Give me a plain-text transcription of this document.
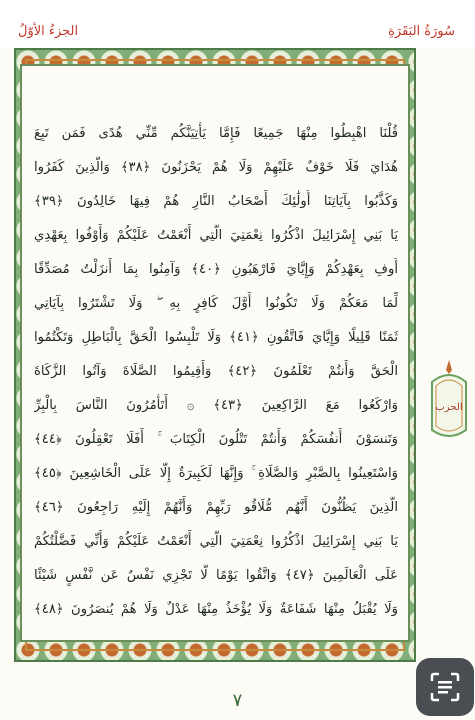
الجزءُ الأوّلُ	سُورَةُ البَقَرَةِ
قُلْنَا اهْبِطُوا مِنْهَا جَمِيعًا فَإِمَّا يَأْتِيَنَّكُم مِّنِّي هُدًى فَمَن تَبِعَ
هُدَايَ فَلَا خَوْفٌ عَلَيْهِمْ وَلَا هُمْ يَحْزَنُونَ ﴿٣٨﴾ وَالَّذِينَ كَفَرُوا
وَكَذَّبُوا بِآيَاتِنَا أُولَٰئِكَ أَصْحَابُ النَّارِ هُمْ فِيهَا خَالِدُونَ ﴿٣٩﴾
يَا بَنِي إِسْرَائِيلَ اذْكُرُوا نِعْمَتِيَ الَّتِي أَنْعَمْتُ عَلَيْكُمْ وَأَوْفُوا بِعَهْدِي
أُوفِ بِعَهْدِكُمْ وَإِيَّايَ فَارْهَبُونِ ﴿٤٠﴾ وَآمِنُوا بِمَا أَنزَلْتُ مُصَدِّقًا
لِّمَا مَعَكُمْ وَلَا تَكُونُوا أَوَّلَ كَافِرٍ بِهِ ۖ وَلَا تَشْتَرُوا بِآيَاتِي
ثَمَنًا قَلِيلًا وَإِيَّايَ فَاتَّقُونِ ﴿٤١﴾ وَلَا تَلْبِسُوا الْحَقَّ بِالْبَاطِلِ وَتَكْتُمُوا
الْحَقَّ وَأَنتُمْ تَعْلَمُونَ ﴿٤٢﴾ وَأَقِيمُوا الصَّلَاةَ وَآتُوا الزَّكَاةَ
وَارْكَعُوا مَعَ الرَّاكِعِينَ ﴿٤٣﴾ ۞ أَتَأْمُرُونَ النَّاسَ بِالْبِرِّ
وَتَنسَوْنَ أَنفُسَكُمْ وَأَنتُمْ تَتْلُونَ الْكِتَابَ ۚ أَفَلَا تَعْقِلُونَ ﴿٤٤﴾
وَاسْتَعِينُوا بِالصَّبْرِ وَالصَّلَاةِ ۚ وَإِنَّهَا لَكَبِيرَةٌ إِلَّا عَلَى الْخَاشِعِينَ ﴿٤٥﴾
الَّذِينَ يَظُنُّونَ أَنَّهُم مُّلَاقُو رَبِّهِمْ وَأَنَّهُمْ إِلَيْهِ رَاجِعُونَ ﴿٤٦﴾
يَا بَنِي إِسْرَائِيلَ اذْكُرُوا نِعْمَتِيَ الَّتِي أَنْعَمْتُ عَلَيْكُمْ وَأَنِّي فَضَّلْتُكُمْ
عَلَى الْعَالَمِينَ ﴿٤٧﴾ وَاتَّقُوا يَوْمًا لَّا تَجْزِي نَفْسٌ عَن نَّفْسٍ شَيْئًا
وَلَا يُقْبَلُ مِنْهَا شَفَاعَةٌ وَلَا يُؤْخَذُ مِنْهَا عَدْلٌ وَلَا هُمْ يُنصَرُونَ ﴿٤٨﴾
الحزب
٧
